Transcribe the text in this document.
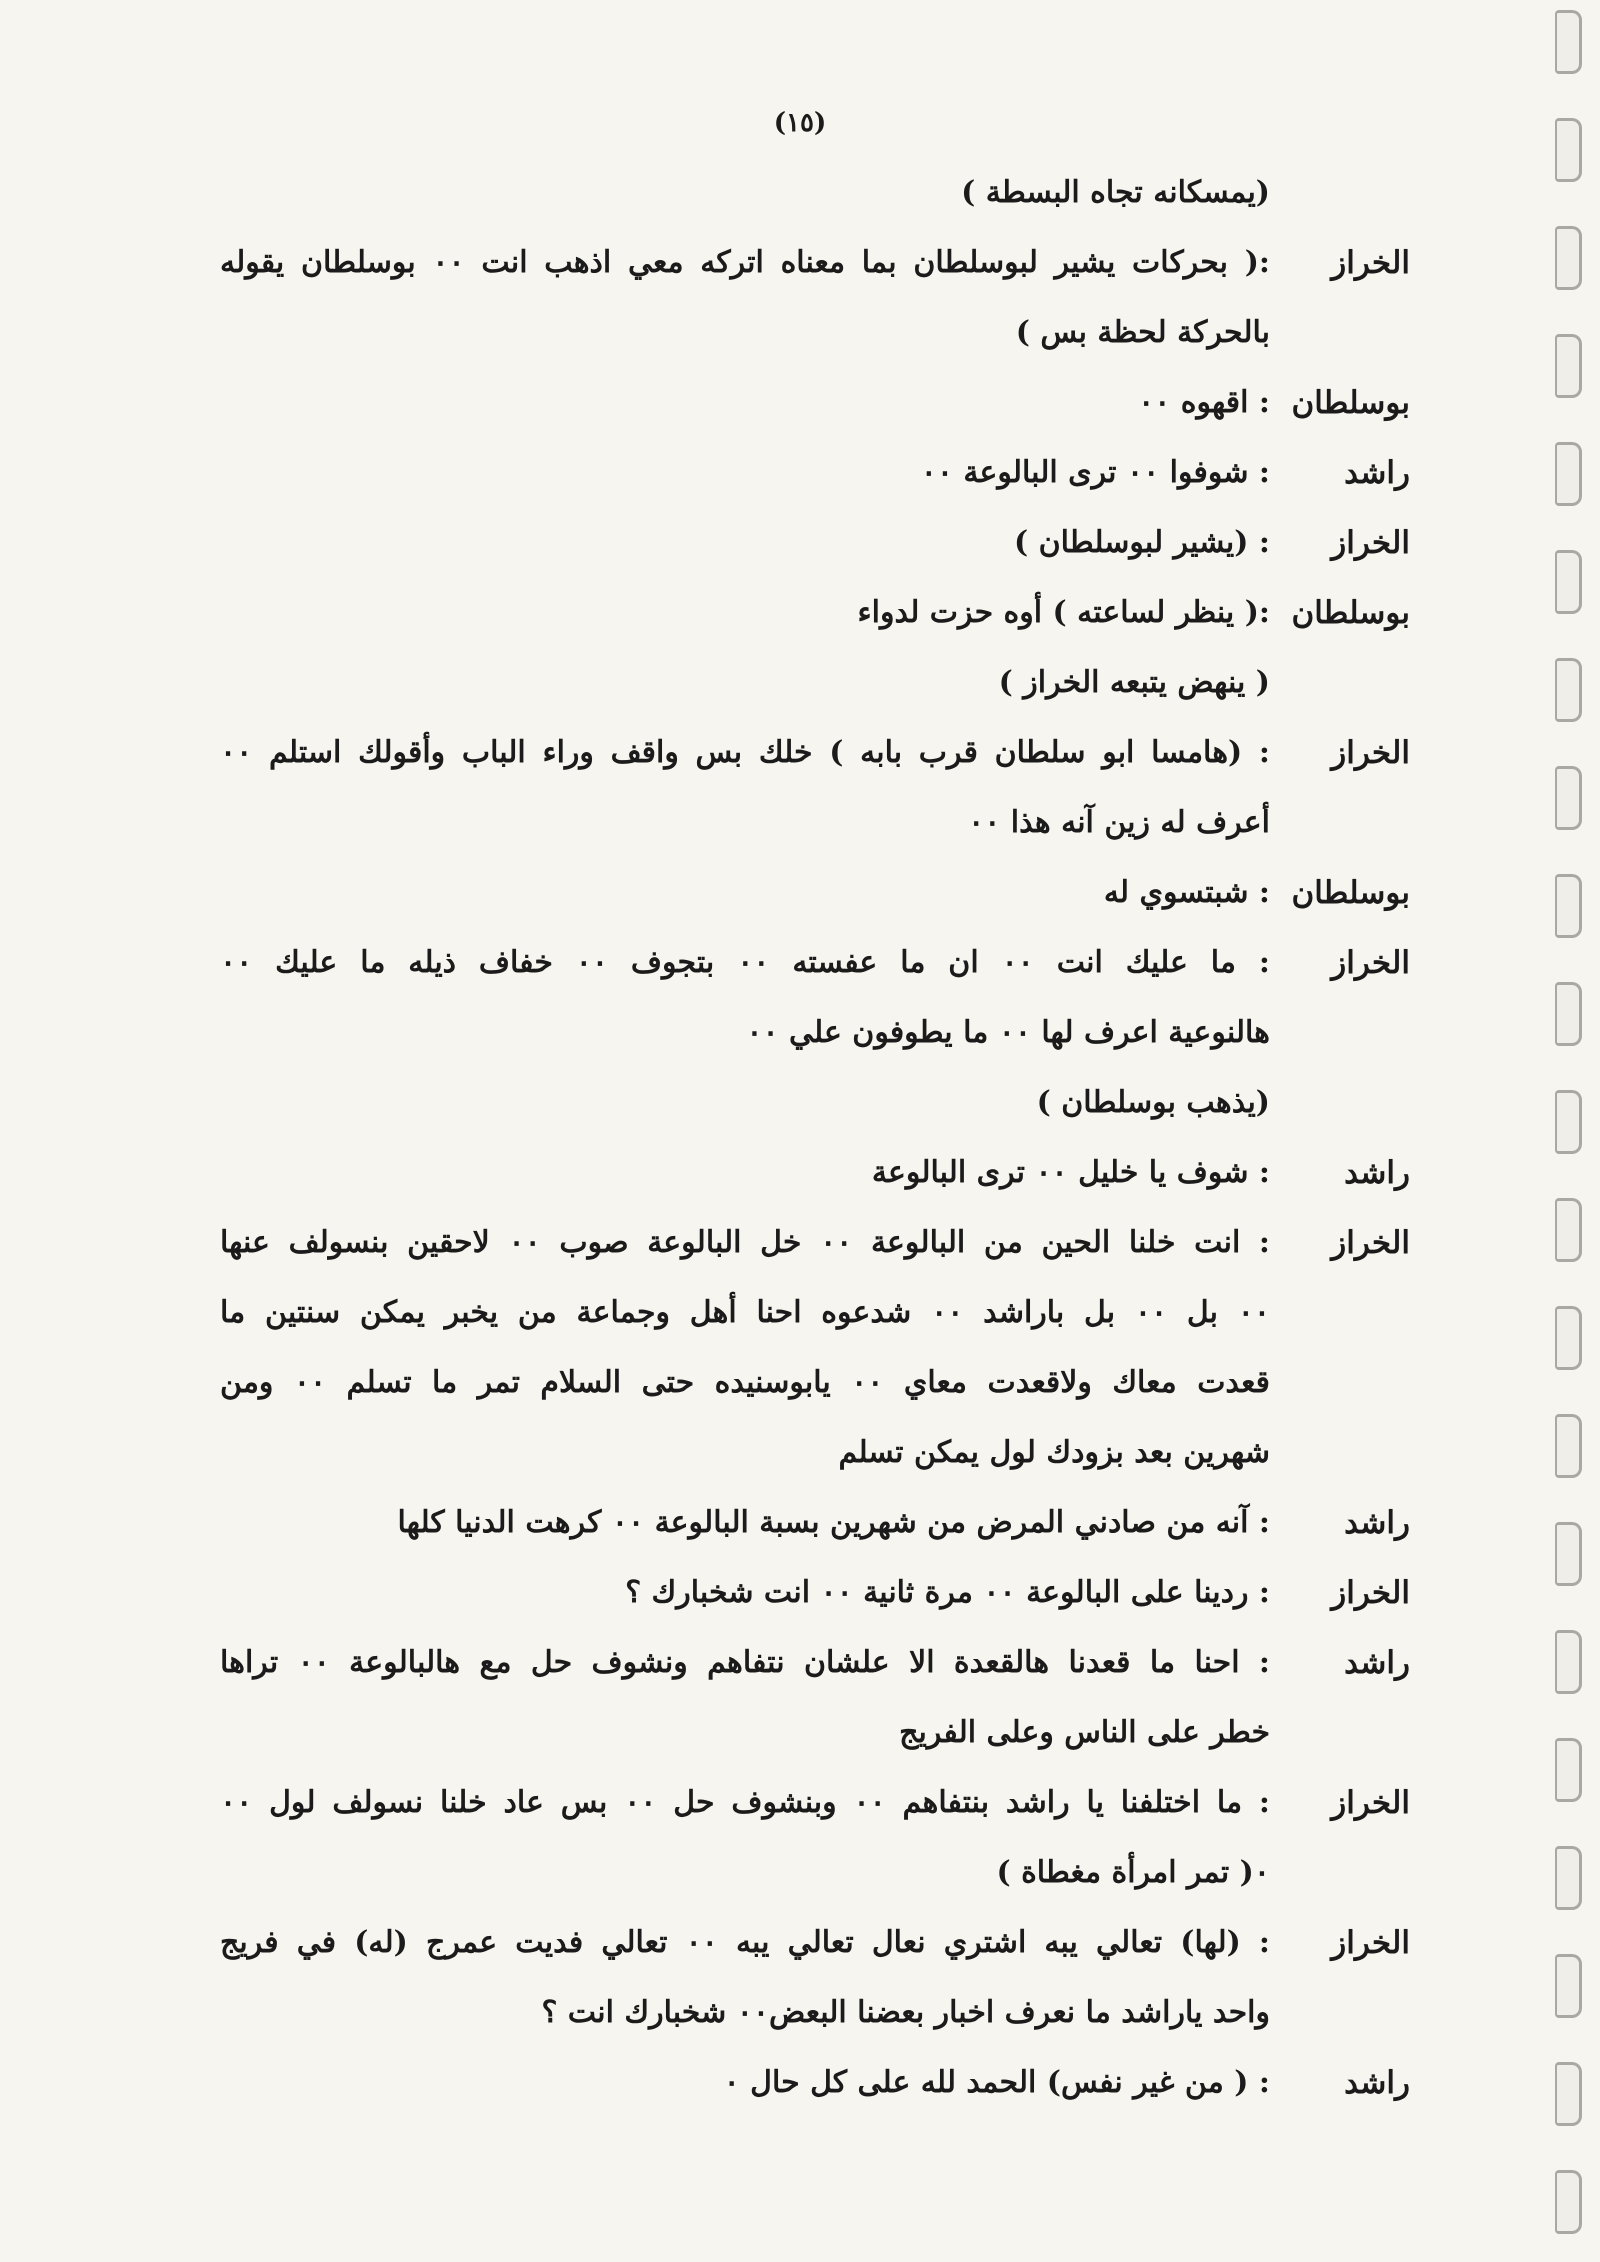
(١٥)
(يمسكانه تجاه البسطة )
الخراز
:( بحركات يشير لبوسلطان بما معناه اتركه معي اذهب انت ٠٠ بوسلطان يقوله
بالحركة لحظة بس )
بوسلطان
: اقهوه ٠٠
راشد
: شوفوا ٠٠ ترى البالوعة ٠٠
الخراز
: (يشير لبوسلطان )
بوسلطان
:( ينظر لساعته ) أوه حزت لدواء
( ينهض يتبعه الخراز )
الخراز
: (هامسا ابو سلطان قرب بابه ) خلك بس واقف وراء الباب وأقولك استلم ٠٠
أعرف له زين آنه هذا ٠٠
بوسلطان
: شبتسوي له
الخراز
: ما عليك انت ٠٠ ان ما عفسته ٠٠ بتجوف ٠٠ خفاف ذيله ما عليك ٠٠
هالنوعية اعرف لها ٠٠ ما يطوفون علي ٠٠
(يذهب بوسلطان )
راشد
: شوف يا خليل ٠٠ ترى البالوعة
الخراز
: انت خلنا الحين من البالوعة ٠٠ خل البالوعة صوب ٠٠ لاحقين بنسولف عنها
٠٠ بل ٠٠ بل باراشد ٠٠ شدعوه احنا أهل وجماعة من يخبر يمكن سنتين ما
قعدت معاك ولاقعدت معاي ٠٠ يابوسنيده حتى السلام تمر ما تسلم ٠٠ ومن
شهرين بعد بزودك لول يمكن تسلم
راشد
: آنه من صادني المرض من شهرين بسبة البالوعة ٠٠ كرهت الدنيا كلها
الخراز
: ردينا على البالوعة ٠٠ مرة ثانية ٠٠ انت شخبارك ؟
راشد
: احنا ما قعدنا هالقعدة الا علشان نتفاهم ونشوف حل مع هالبالوعة ٠٠ تراها
خطر على الناس وعلى الفريج
الخراز
: ما اختلفنا يا راشد بنتفاهم ٠٠ وبنشوف حل ٠٠ بس عاد خلنا نسولف لول ٠٠
٠( تمر امرأة مغطاة )
الخراز
: (لها) تعالي يبه اشتري نعال تعالي يبه ٠٠ تعالي فديت عمرج (له) في فريج
واحد ياراشد ما نعرف اخبار بعضنا البعض٠٠ شخبارك انت ؟
راشد
: ( من غير نفس) الحمد لله على كل حال ٠
